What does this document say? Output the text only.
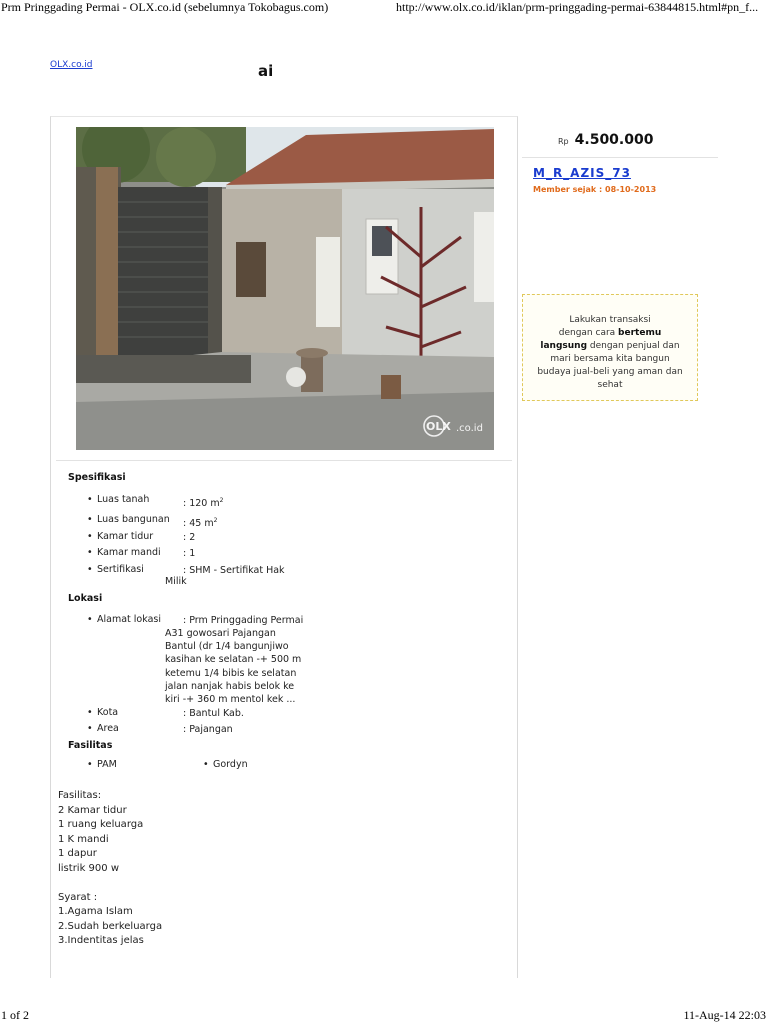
Prm Pringgading Permai - OLX.co.id (sebelumnya Tokobagus.com)	http://www.olx.co.id/iklan/prm-pringgading-permai-63844815.html#pn_f...
OLX.co.id	ai
OLX .co.id
Spesifikasi
• Luas tanah	: 120 $m^2$
• Luas bangunan : 45 $m^2$
• Kamar tidur	: 2
• Kamar mandi : 1
• Sertifikasi	: SHM - Sertifikat Hak
Milik
Lokasi
• Alamat lokasi : Prm Pringgading Permai
A31 gowosari Pajangan
Bantul (dr 1/4 bangunjiwo
kasihan ke selatan -+ 500 m
ketemu 1/4 bibis ke selatan
jalan nanjak habis belok ke
kiri -+ 360 m mentol kek ...
• Kota	: Bantul Kab.
• Area	: Pajangan
Fasilitas
• PAM	• Gordyn
Fasilitas:
2 Kamar tidur
1 ruang keluarga
1 K mandi
1 dapur
listrik 900 w

Syarat :
1.Agama Islam
2.Sudah berkeluarga
3.Indentitas jelas
Rp 4.500.000
M_R_AZIS_73
Member sejak : 08-10-2013
Lakukan transaksi
dengan cara bertemu
langsung dengan penjual dan
mari bersama kita bangun
budaya jual-beli yang aman dan
sehat
1 of 2	11-Aug-14 22:03
